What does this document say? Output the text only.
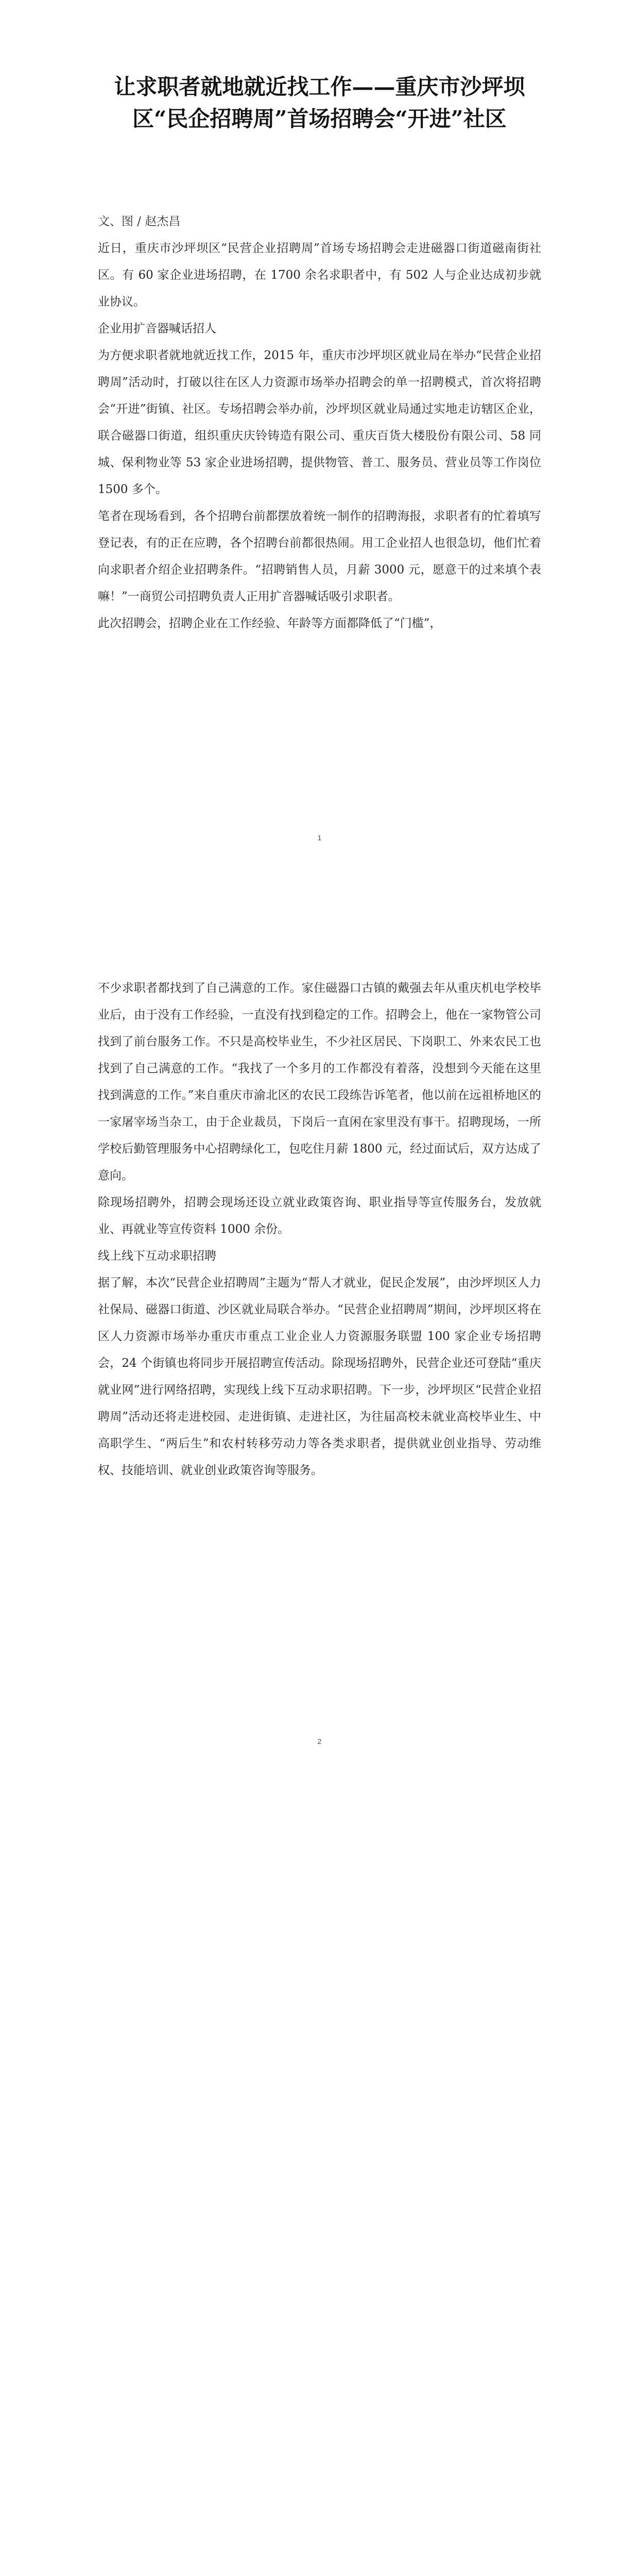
让求职者就地就近找工作——重庆市沙坪坝区“民企招聘周”首场招聘会“开进”社区

文、图 / 赵杰昌

近日，重庆市沙坪坝区“民营企业招聘周”首场专场招聘会走进磁器口街道磁南街社区。有 60 家企业进场招聘，在 1700 余名求职者中，有 502 人与企业达成初步就业协议。

企业用扩音器喊话招人

为方便求职者就地就近找工作，2015 年，重庆市沙坪坝区就业局在举办“民营企业招聘周”活动时，打破以往在区人力资源市场举办招聘会的单一招聘模式，首次将招聘会“开进”街镇、社区。专场招聘会举办前，沙坪坝区就业局通过实地走访辖区企业，联合磁器口街道，组织重庆庆铃铸造有限公司、重庆百货大楼股份有限公司、58 同城、保利物业等 53 家企业进场招聘，提供物管、普工、服务员、营业员等工作岗位 1500 多个。

笔者在现场看到，各个招聘台前都摆放着统一制作的招聘海报，求职者有的忙着填写登记表，有的正在应聘，各个招聘台前都很热闹。用工企业招人也很急切，他们忙着向求职者介绍企业招聘条件。“招聘销售人员，月薪 3000 元，愿意干的过来填个表嘛！”一商贸公司招聘负责人正用扩音器喊话吸引求职者。

此次招聘会，招聘企业在工作经验、年龄等方面都降低了“门槛”，

1

不少求职者都找到了自己满意的工作。家住磁器口古镇的戴强去年从重庆机电学校毕业后，由于没有工作经验，一直没有找到稳定的工作。招聘会上，他在一家物管公司找到了前台服务工作。不只是高校毕业生，不少社区居民、下岗职工、外来农民工也找到了自己满意的工作。“我找了一个多月的工作都没有着落，没想到今天能在这里找到满意的工作。”来自重庆市渝北区的农民工段练告诉笔者，他以前在远祖桥地区的一家屠宰场当杂工，由于企业裁员，下岗后一直闲在家里没有事干。招聘现场，一所学校后勤管理服务中心招聘绿化工，包吃住月薪 1800 元，经过面试后，双方达成了意向。

除现场招聘外，招聘会现场还设立就业政策咨询、职业指导等宣传服务台，发放就业、再就业等宣传资料 1000 余份。

线上线下互动求职招聘

据了解，本次“民营企业招聘周”主题为“帮人才就业，促民企发展”，由沙坪坝区人力社保局、磁器口街道、沙区就业局联合举办。“民营企业招聘周”期间，沙坪坝区将在区人力资源市场举办重庆市重点工业企业人力资源服务联盟 100 家企业专场招聘会，24 个街镇也将同步开展招聘宣传活动。除现场招聘外，民营企业还可登陆“重庆就业网”进行网络招聘，实现线上线下互动求职招聘。下一步，沙坪坝区“民营企业招聘周”活动还将走进校园、走进街镇、走进社区，为往届高校未就业高校毕业生、中高职学生、“两后生”和农村转移劳动力等各类求职者，提供就业创业指导、劳动维权、技能培训、就业创业政策咨询等服务。

2
